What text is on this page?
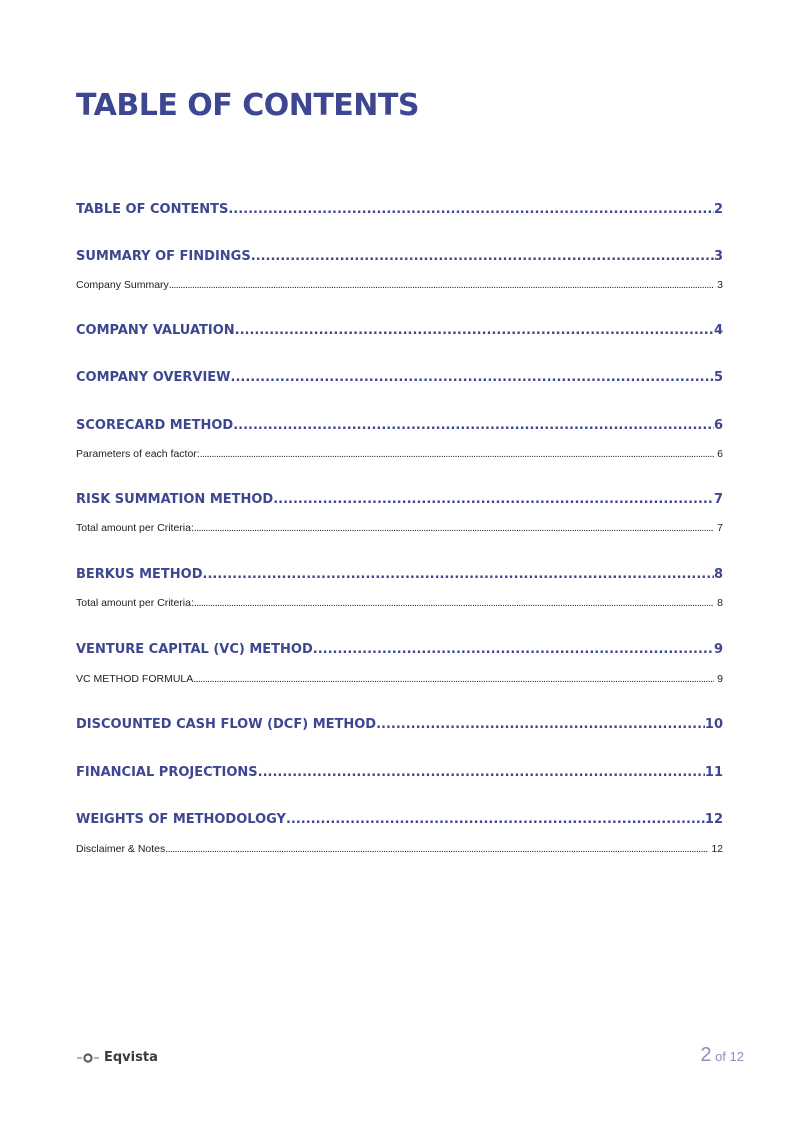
TABLE OF CONTENTS
TABLE OF CONTENTS .....	2
SUMMARY OF FINDINGS .....	3
Company Summary .....	3
COMPANY VALUATION .....	4
COMPANY OVERVIEW .....	5
SCORECARD METHOD .....	6
Parameters of each factor: .....	6
RISK SUMMATION METHOD .....	7
Total amount per Criteria: .....	7
BERKUS METHOD .....	8
Total amount per Criteria: .....	8
VENTURE CAPITAL (VC) METHOD .....	9
VC METHOD FORMULA .....	9
DISCOUNTED CASH FLOW (DCF) METHOD .....	10
FINANCIAL PROJECTIONS .....	11
WEIGHTS OF METHODOLOGY .....	12
Disclaimer & Notes .....	12
Eqvista	2 of 12
